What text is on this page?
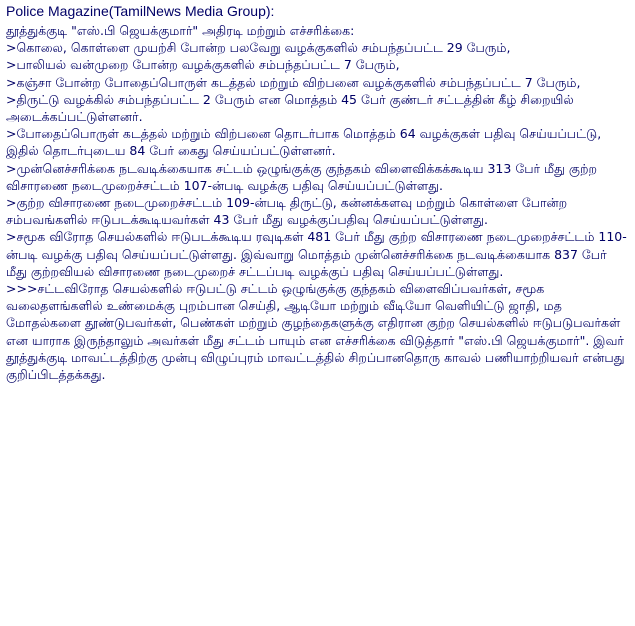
Police Magazine(TamilNews Media Group):

தூத்துக்குடி "எஸ்.பி ஜெயக்குமார்" அதிரடி மற்றும் எச்சரிக்கை:

>கொலை, கொள்ளை முயற்சி போன்ற பலவேறு வழக்குகளில் சம்பந்தப்பட்ட 29 பேரும்,

>பாலியல் வன்முறை போன்ற வழக்குகளில் சம்பந்தப்பட்ட 7 பேரும்,

>கஞ்சா போன்ற போதைப்பொருள் கடத்தல் மற்றும் விற்பனை வழக்குகளில் சம்பந்தப்பட்ட 7 பேரும்,

>திருட்டு வழக்கில் சம்பந்தப்பட்ட 2 பேரும் என மொத்தம் 45 பேர் குண்டர் சட்டத்தின் கீழ் சிறையில் அடைக்கப்பட்டுள்ளனர்.

>போதைப்பொருள் கடத்தல் மற்றும் விற்பனை தொடர்பாக மொத்தம் 64 வழக்குகள் பதிவு செய்யப்பட்டு, இதில் தொடர்புடைய 84 பேர் கைது செய்யப்பட்டுள்ளனர்.

>முன்னெச்சரிக்கை நடவடிக்கையாக சட்டம் ஒழுங்குக்கு குந்தகம் விளைவிக்கக்கூடிய 313 பேர் மீது குற்ற விசாரணை நடைமுறைச்சட்டம் 107-ன்படி வழக்கு பதிவு செய்யப்பட்டுள்ளது.

>குற்ற விசாரணை நடைமுறைச்சட்டம் 109-ன்படி திருட்டு, கன்னக்களவு மற்றும் கொள்ளை போன்ற சம்பவங்களில் ஈடுபடக்கூடியவர்கள் 43 பேர் மீது வழக்குப்பதிவு செய்யப்பட்டுள்ளது.

>சமூக விரோத செயல்களில் ஈடுபடக்கூடிய ரவுடிகள் 481 பேர் மீது குற்ற விசாரணை நடைமுறைச்சட்டம் 110-ன்படி வழக்கு பதிவு செய்யப்பட்டுள்ளது. இவ்வாறு மொத்தம் முன்னெச்சரிக்கை நடவடிக்கையாக 837 பேர் மீது குற்றவியல் விசாரணை நடைமுறைச் சட்டப்படி வழக்குப் பதிவு செய்யப்பட்டுள்ளது.

>>>சட்டவிரோத செயல்களில் ஈடுபட்டு சட்டம் ஒழுங்குக்கு குந்தகம் விளைவிப்பவர்கள், சமூக வலைதளங்களில் உண்மைக்கு புறம்பான செய்தி, ஆடியோ மற்றும் வீடியோ வெளியிட்டு ஜாதி, மத மோதல்களை தூண்டுபவர்கள், பெண்கள் மற்றும் குழந்தைகளுக்கு எதிரான குற்ற செயல்களில் ஈடுபடுபவர்கள் என யாராக இருந்தாலும் அவர்கள் மீது சட்டம் பாயும் என எச்சரிக்கை விடுத்தார் "எஸ்.பி ஜெயக்குமார்". இவர் தூத்துக்குடி மாவட்டத்திற்கு முன்பு விழுப்புரம் மாவட்டத்தில் சிறப்பானதொரு காவல் பணியாற்றியவர் என்பது குறிப்பிடத்தக்கது.
